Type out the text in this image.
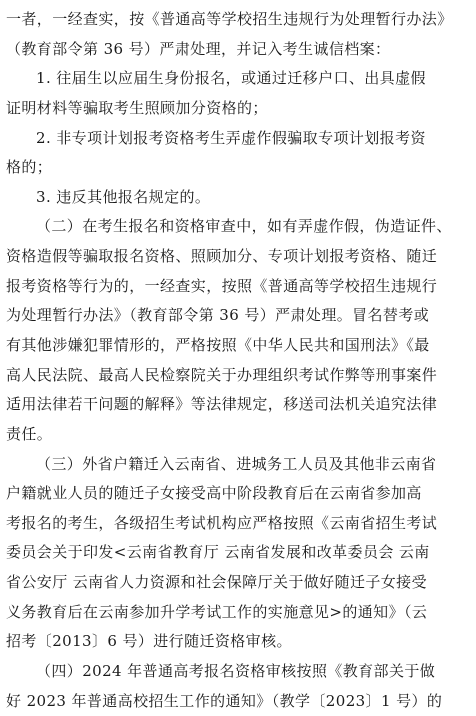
一者，一经查实，按《普通高等学校招生违规行为处理暂行办法》
（教育部令第 36 号）严肃处理，并记入考生诚信档案：
1. 往届生以应届生身份报名，或通过迁移户口、出具虚假
证明材料等骗取考生照顾加分资格的；
2. 非专项计划报考资格考生弄虚作假骗取专项计划报考资
格的；
3. 违反其他报名规定的。
（二）在考生报名和资格审查中，如有弄虚作假，伪造证件、
资格造假等骗取报名资格、照顾加分、专项计划报考资格、随迁
报考资格等行为的，一经查实，按照《普通高等学校招生违规行
为处理暂行办法》（教育部令第 36 号）严肃处理。冒名替考或
有其他涉嫌犯罪情形的，严格按照《中华人民共和国刑法》《最
高人民法院、最高人民检察院关于办理组织考试作弊等刑事案件
适用法律若干问题的解释》等法律规定，移送司法机关追究法律
责任。
（三）外省户籍迁入云南省、进城务工人员及其他非云南省
户籍就业人员的随迁子女接受高中阶段教育后在云南省参加高
考报名的考生，各级招生考试机构应严格按照《云南省招生考试
委员会关于印发<云南省教育厅 云南省发展和改革委员会 云南
省公安厅 云南省人力资源和社会保障厅关于做好随迁子女接受
义务教育后在云南参加升学考试工作的实施意见>的通知》（云
招考〔2013〕6 号）进行随迁资格审核。
（四）2024 年普通高考报名资格审核按照《教育部关于做
好 2023 年普通高校招生工作的通知》（教学〔2023〕1 号）的
